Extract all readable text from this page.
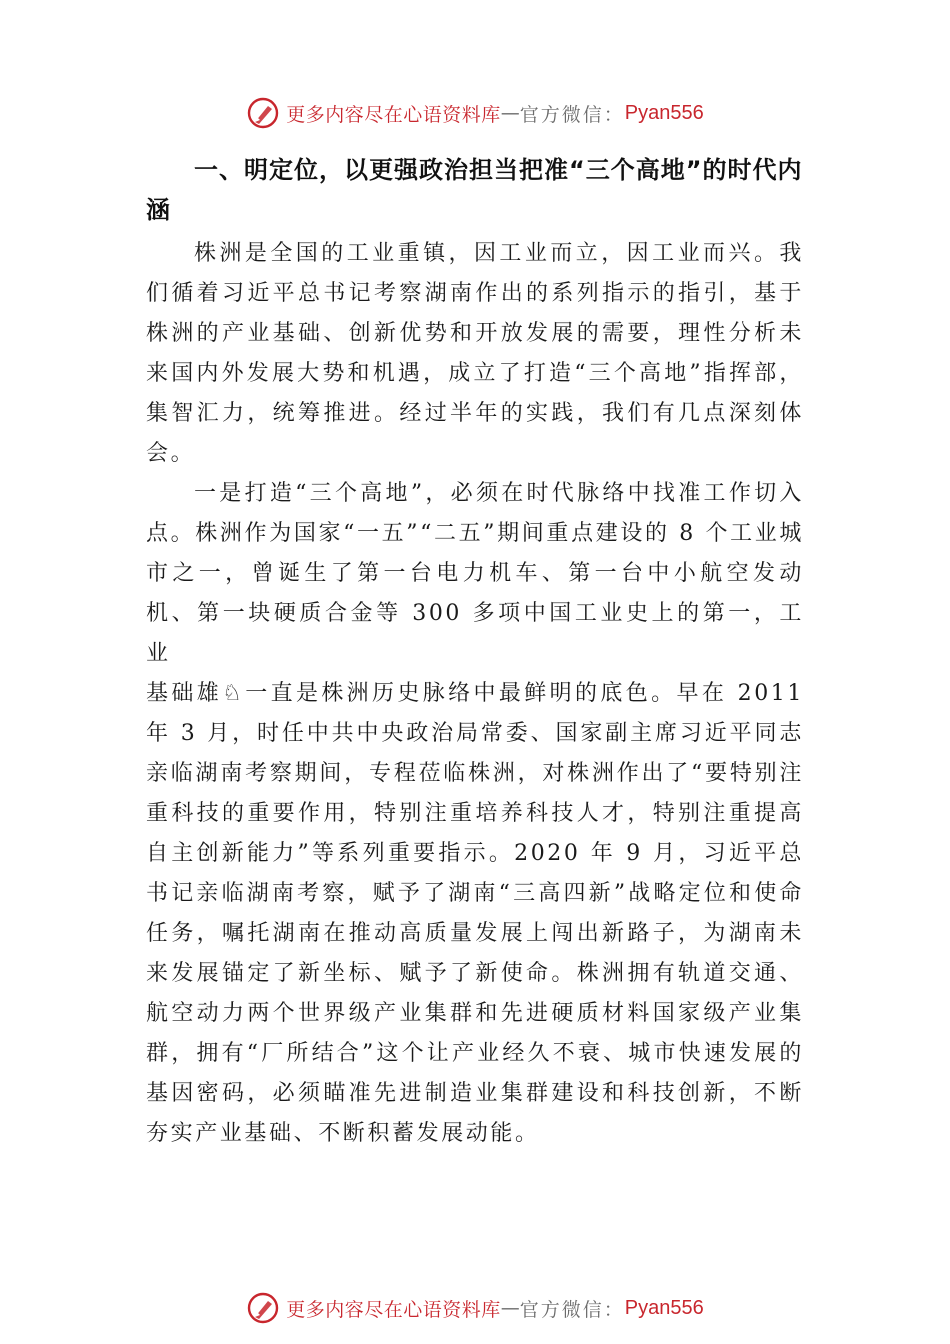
更多内容尽在心语资料库 — 官方微信： Pyan556
一、明定位，以更强政治担当把准“三个高地”的时代内涵

株洲是全国的工业重镇，因工业而立，因工业而兴。我们循着习近平总书记考察湖南作出的系列指示的指引，基于株洲的产业基础、创新优势和开放发展的需要，理性分析未来国内外发展大势和机遇，成立了打造“三个高地”指挥部，集智汇力，统筹推进。经过半年的实践，我们有几点深刻体会。

一是打造“三个高地”，必须在时代脉络中找准工作切入点。株洲作为国家“一五”“二五”期间重点建设的 8 个工业城市之一，曾诞生了第一台电力机车、第一台中小航空发动机、第一块硬质合金等 300 多项中国工业史上的第一，工业

基础雄♘一直是株洲历史脉络中最鲜明的底色。早在 2011 年 3 月，时任中共中央政治局常委、国家副主席习近平同志亲临湖南考察期间，专程莅临株洲，对株洲作出了“要特别注重科技的重要作用，特别注重培养科技人才，特别注重提高自主创新能力”等系列重要指示。2020 年 9 月，习近平总书记亲临湖南考察，赋予了湖南“三高四新”战略定位和使命任务，嘱托湖南在推动高质量发展上闯出新路子，为湖南未来发展锚定了新坐标、赋予了新使命。株洲拥有轨道交通、航空动力两个世界级产业集群和先进硬质材料国家级产业集群，拥有“厂所结合”这个让产业经久不衰、城市快速发展的基因密码，必须瞄准先进制造业集群建设和科技创新，不断夯实产业基础、不断积蓄发展动能。

更多内容尽在心语资料库 — 官方微信： Pyan556
